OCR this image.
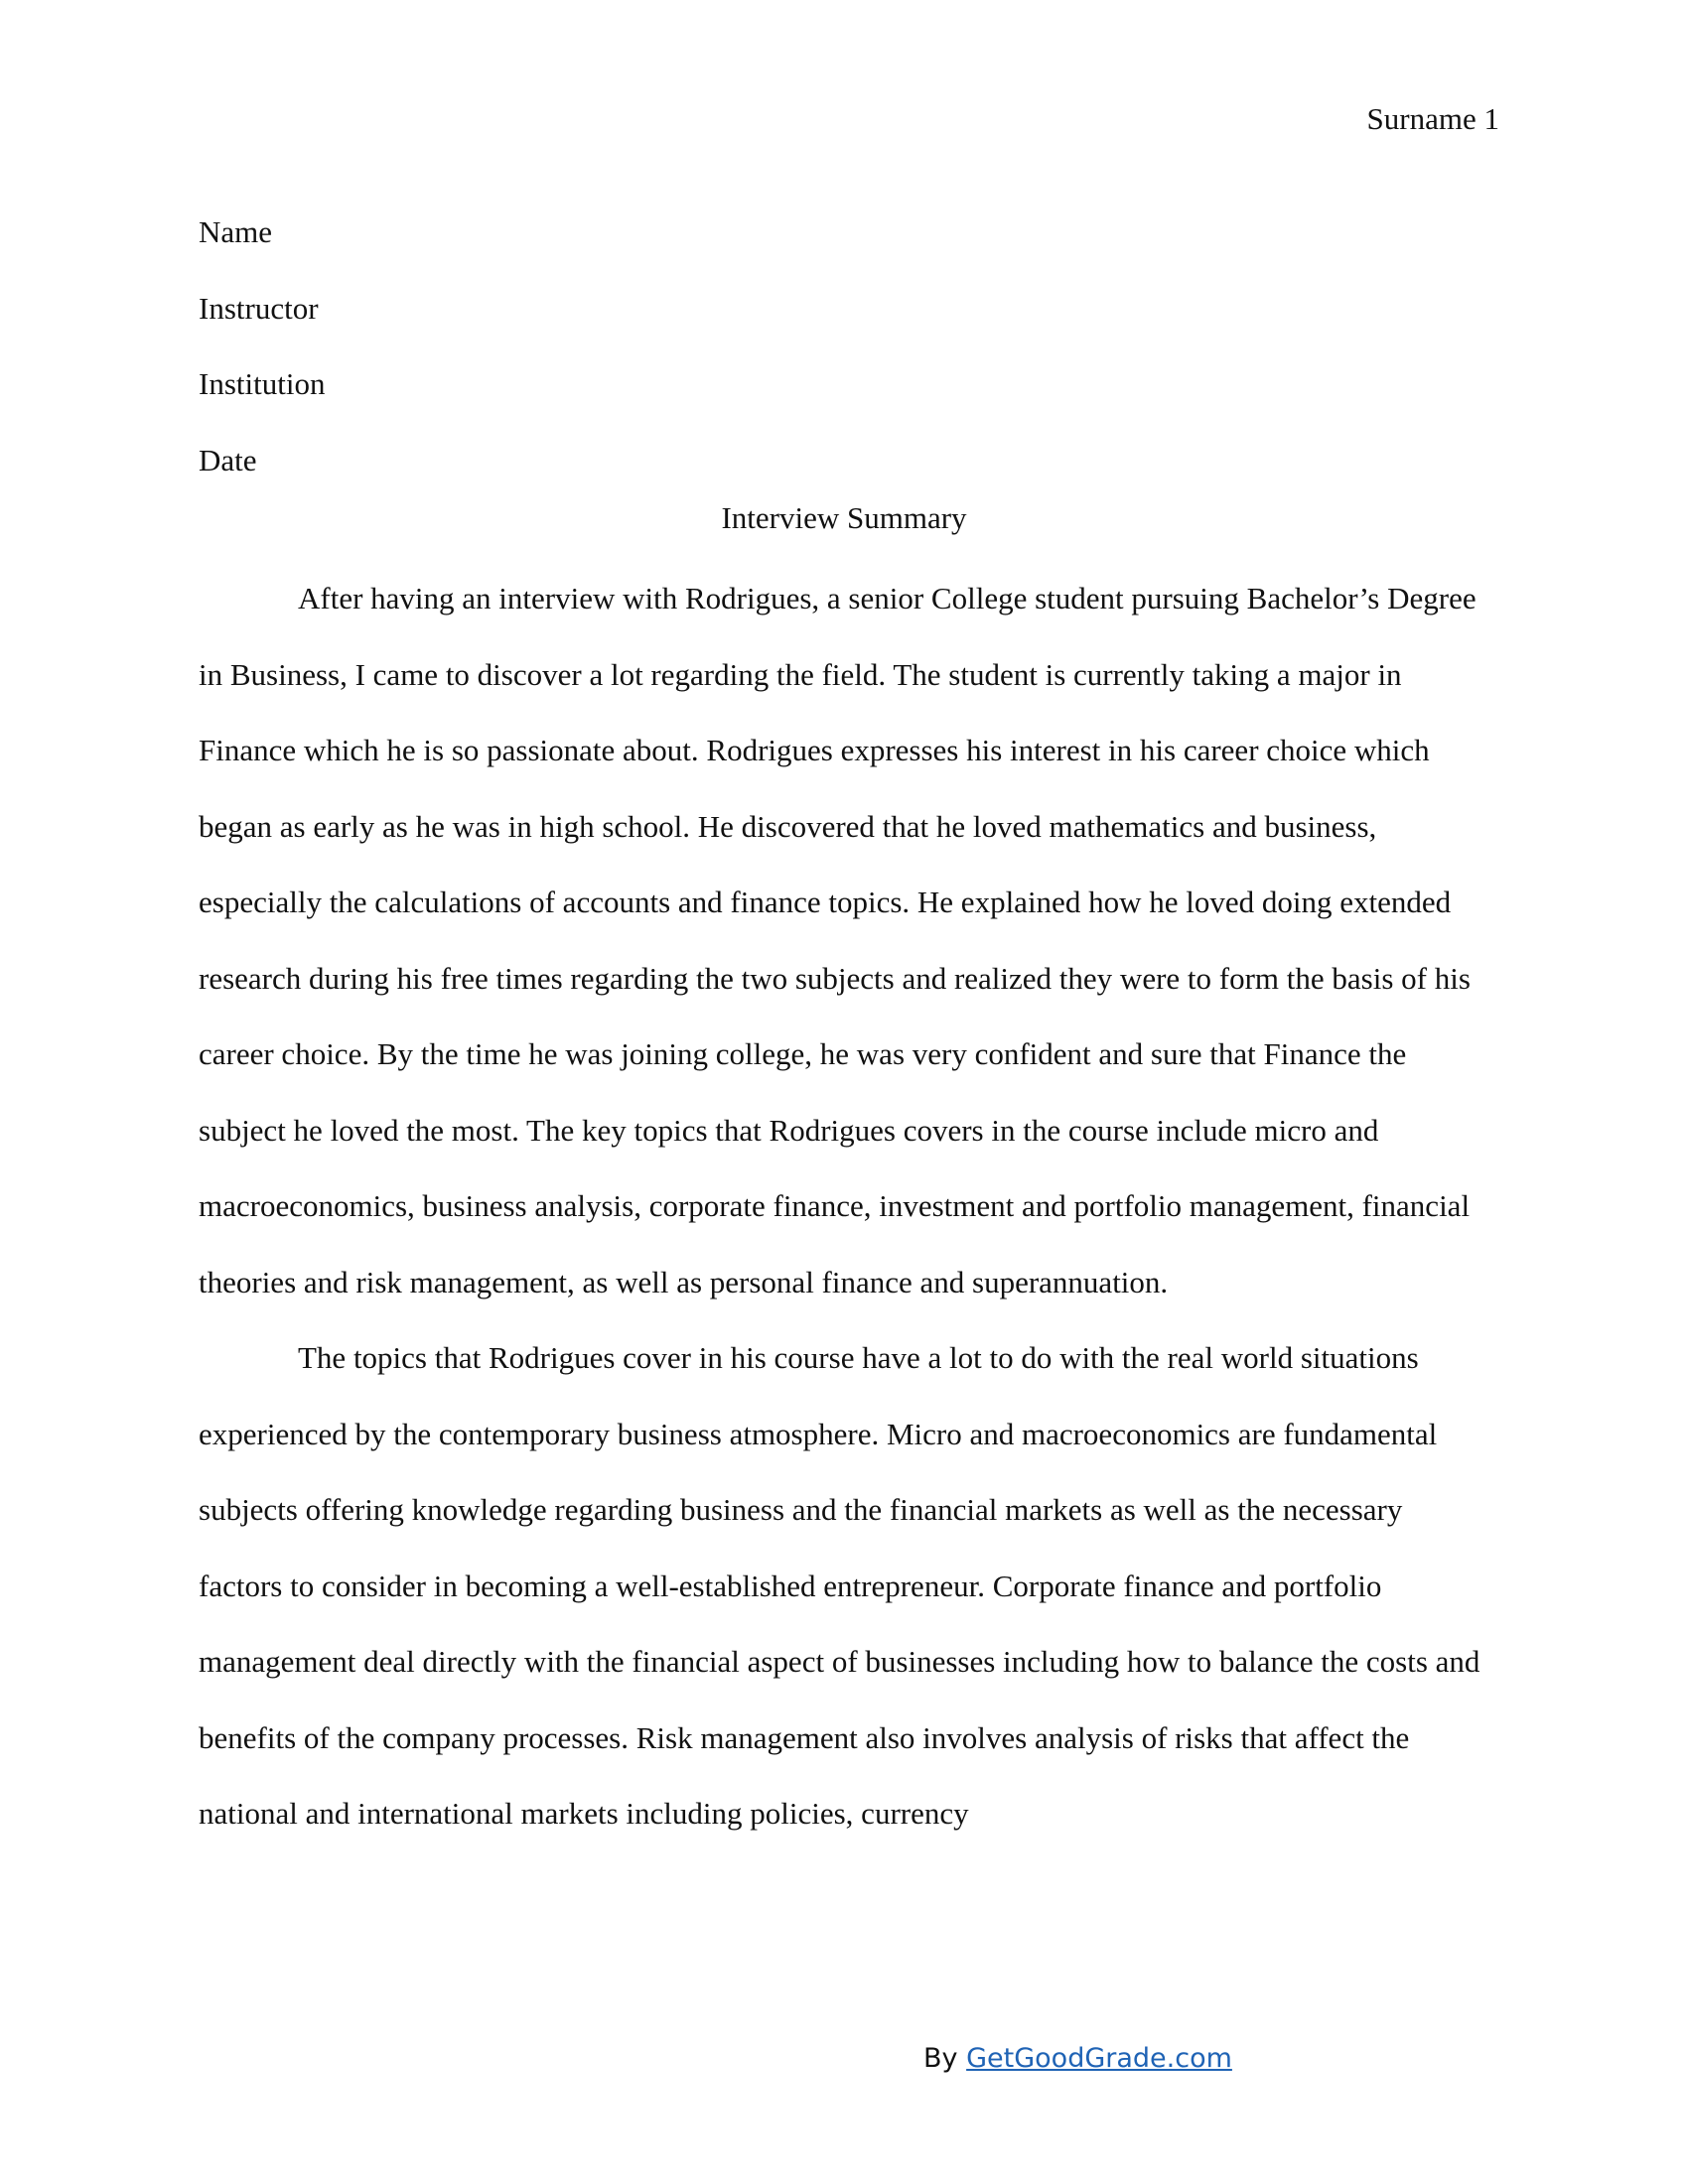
Surname 1
Name
Instructor
Institution
Date
Interview Summary

After having an interview with Rodrigues, a senior College student pursuing Bachelor’s Degree in Business, I came to discover a lot regarding the field. The student is currently taking a major in Finance which he is so passionate about. Rodrigues expresses his interest in his career choice which began as early as he was in high school. He discovered that he loved mathematics and business, especially the calculations of accounts and finance topics. He explained how he loved doing extended research during his free times regarding the two subjects and realized they were to form the basis of his career choice. By the time he was joining college, he was very confident and sure that Finance the subject he loved the most. The key topics that Rodrigues covers in the course include micro and macroeconomics, business analysis, corporate finance, investment and portfolio management, financial theories and risk management, as well as personal finance and superannuation.

The topics that Rodrigues cover in his course have a lot to do with the real world situations experienced by the contemporary business atmosphere. Micro and macroeconomics are fundamental subjects offering knowledge regarding business and the financial markets as well as the necessary factors to consider in becoming a well-established entrepreneur. Corporate finance and portfolio management deal directly with the financial aspect of businesses including how to balance the costs and benefits of the company processes. Risk management also involves analysis of risks that affect the national and international markets including policies, currency

By GetGoodGrade.com
